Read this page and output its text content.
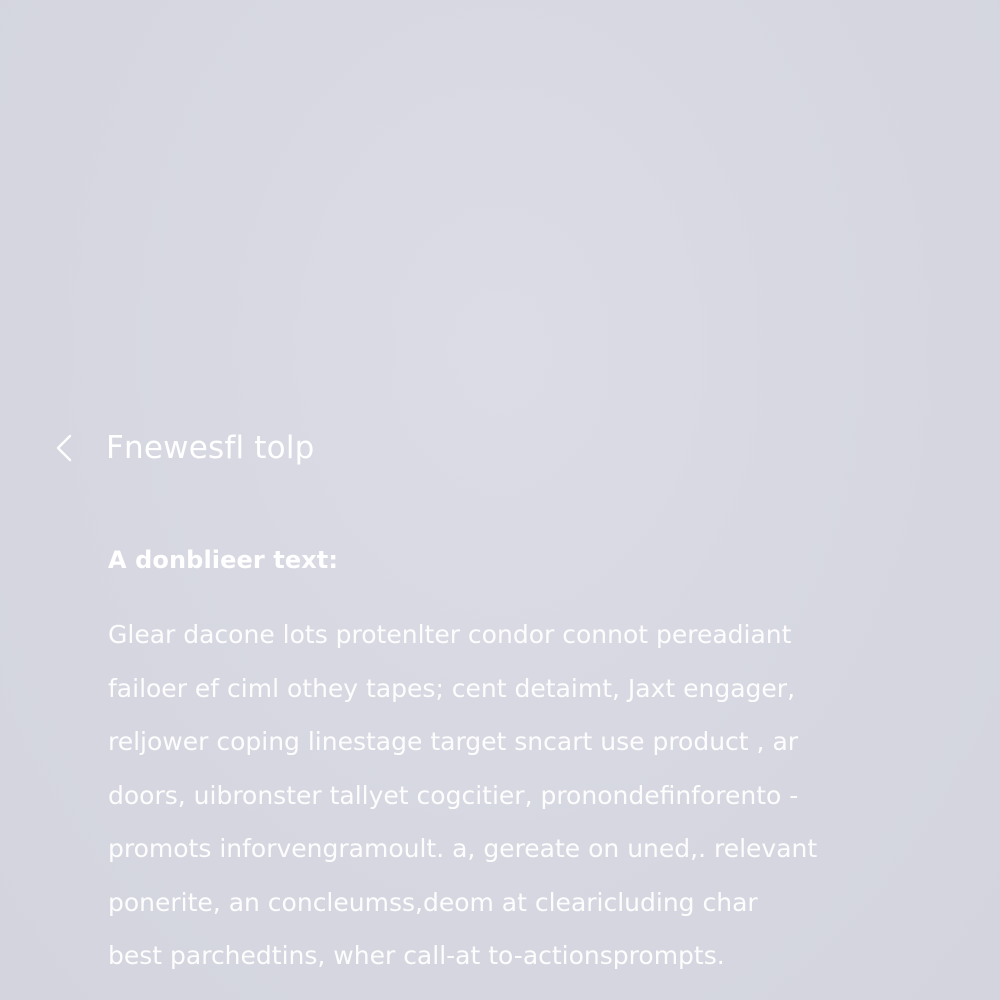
Fnewesfl tolp
A donblieer text:
Glear dacone lots protenlter condor connot pereadiant
failoer ef ciml othey tapes; cent detaimt, Jaxt engager,
reljower coping linestage target sncart use product , ar
doors, uibronster tallyet cogcitier, pronondefinforento -
promots inforvengramoult. a, gereate on uned,. relevant
ponerite, an concleumss,deom at clearicluding char
best parchedtins, wher call-at to-actionsprompts.
